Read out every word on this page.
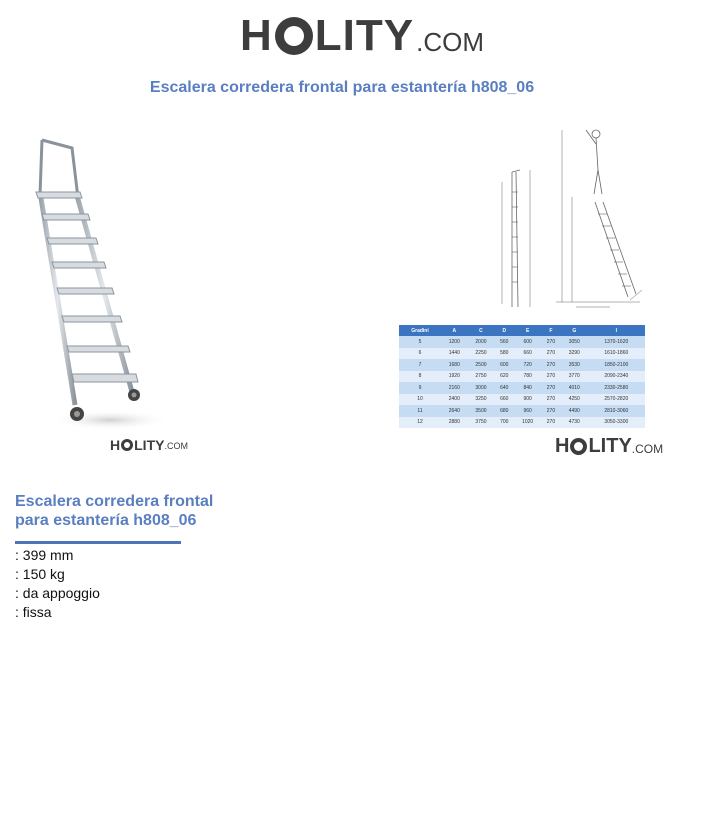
H LITY .COM
Escalera corredera frontal para estantería h808_06
H LITY .COM
Gradini	A	C	D	E	F	G	I
5	1200	2000	560	600	270	3050	1370-1620
6	1440	2250	580	660	270	3290	1610-1860
7	1680	2500	600	720	270	3530	1850-2100
8	1920	2750	620	780	270	3770	2090-2340
9	2160	3000	640	840	270	4010	2330-2580
10	2400	3250	660	900	270	4250	2570-2820
11	2640	3500	680	960	270	4490	2810-3060
12	2880	3750	700	1020	270	4730	3050-3300
H LITY .COM
Escalera corredera frontal para estantería h808_06
: 399 mm
: 150 kg
: da appoggio
: fissa
